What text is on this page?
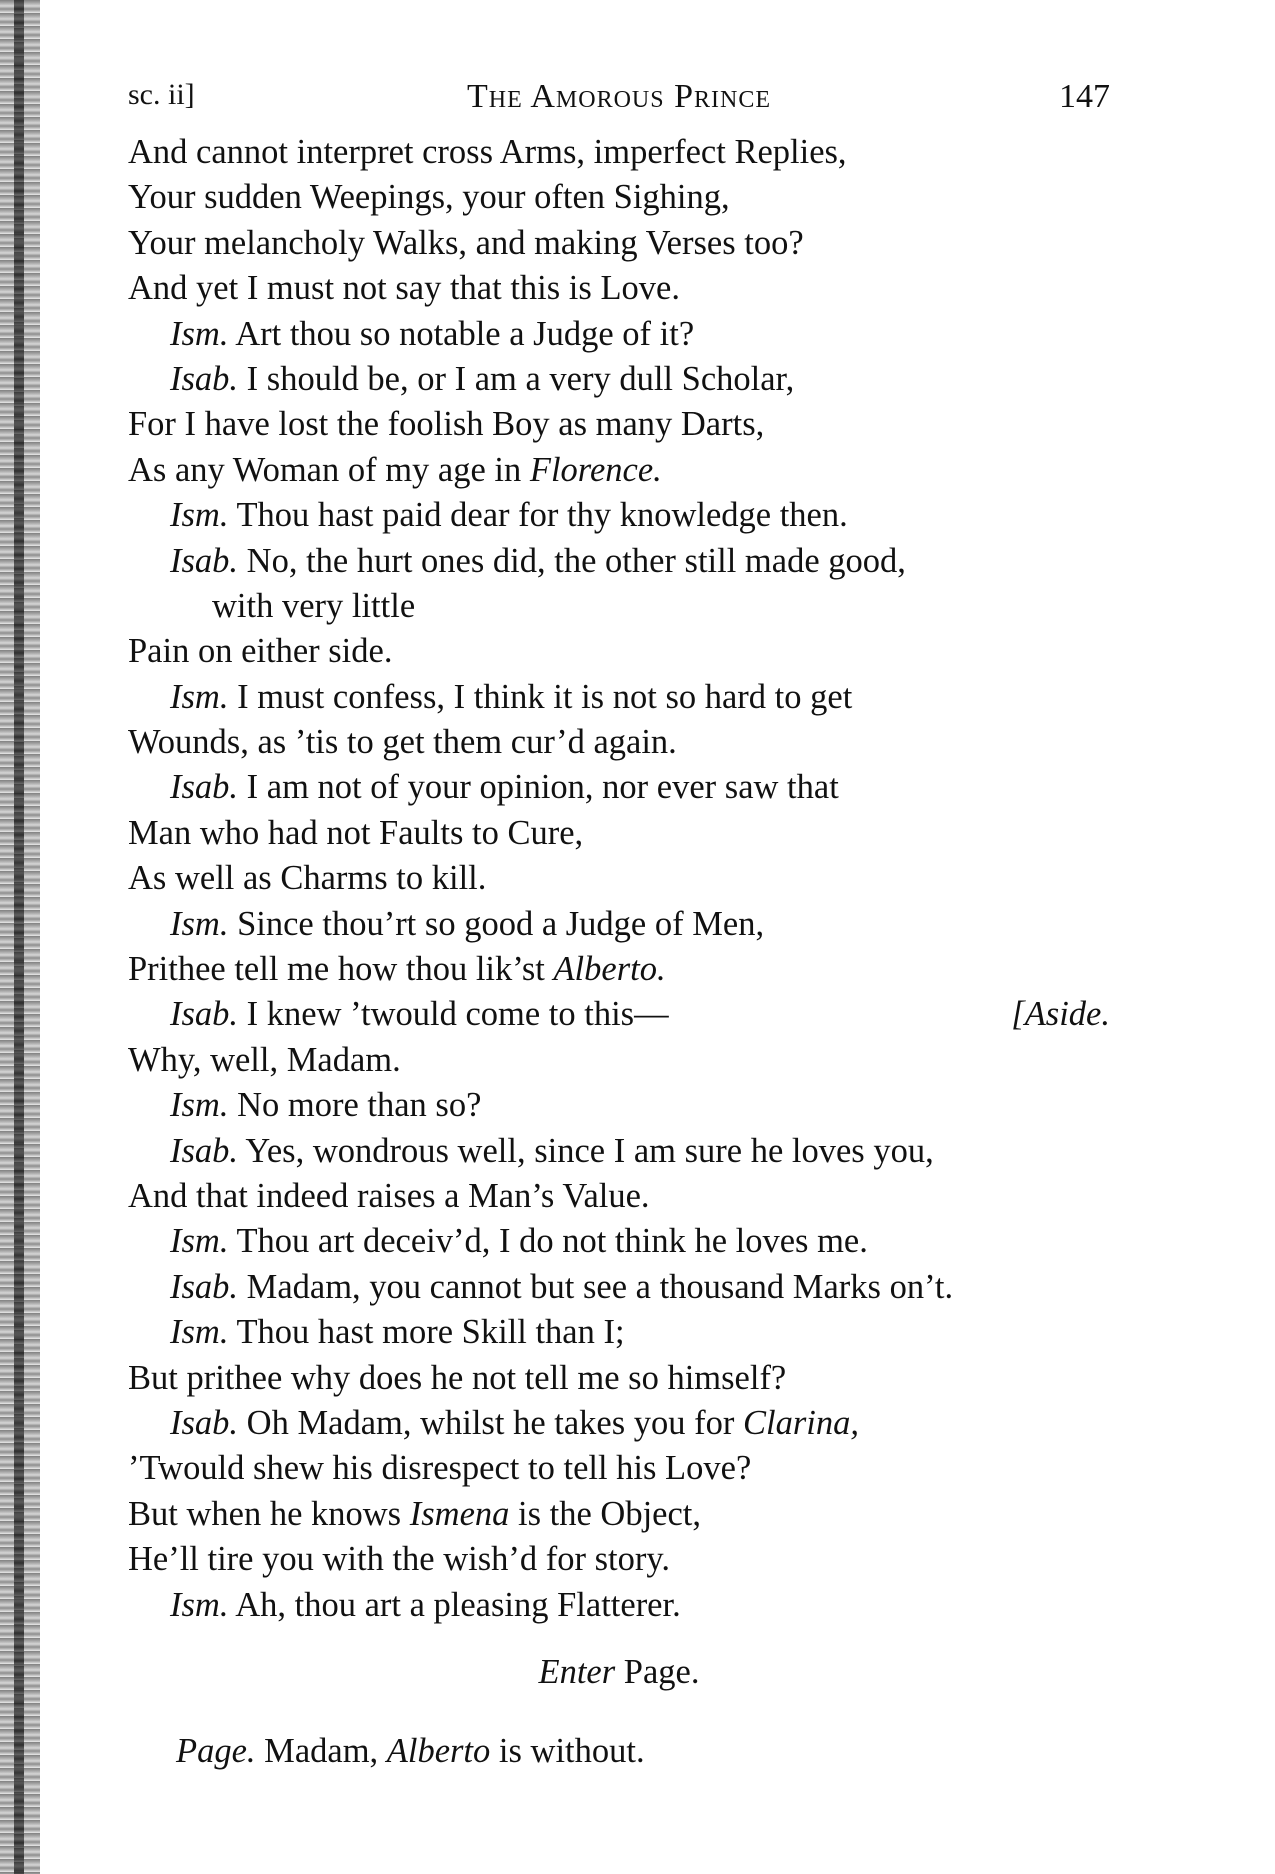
sc. ii]	The Amorous Prince	147
And cannot interpret cross Arms, imperfect Replies,
Your sudden Weepings, your often Sighing,
Your melancholy Walks, and making Verses too?
And yet I must not say that this is Love.
Ism. Art thou so notable a Judge of it?
Isab. I should be, or I am a very dull Scholar,
For I have lost the foolish Boy as many Darts,
As any Woman of my age in Florence.
Ism. Thou hast paid dear for thy knowledge then.
Isab. No, the hurt ones did, the other still made good,
with very little
Pain on either side.
Ism. I must confess, I think it is not so hard to get
Wounds, as ’tis to get them cur’d again.
Isab. I am not of your opinion, nor ever saw that
Man who had not Faults to Cure,
As well as Charms to kill.
Ism. Since thou’rt so good a Judge of Men,
Prithee tell me how thou lik’st Alberto.
Isab. I knew ’twould come to this—	[Aside.
Why, well, Madam.
Ism. No more than so?
Isab. Yes, wondrous well, since I am sure he loves you,
And that indeed raises a Man’s Value.
Ism. Thou art deceiv’d, I do not think he loves me.
Isab. Madam, you cannot but see a thousand Marks on’t.
Ism. Thou hast more Skill than I;
But prithee why does he not tell me so himself?
Isab. Oh Madam, whilst he takes you for Clarina,
’Twould shew his disrespect to tell his Love?
But when he knows Ismena is the Object,
He’ll tire you with the wish’d for story.
Ism. Ah, thou art a pleasing Flatterer.
Enter Page.
Page. Madam, Alberto is without.
